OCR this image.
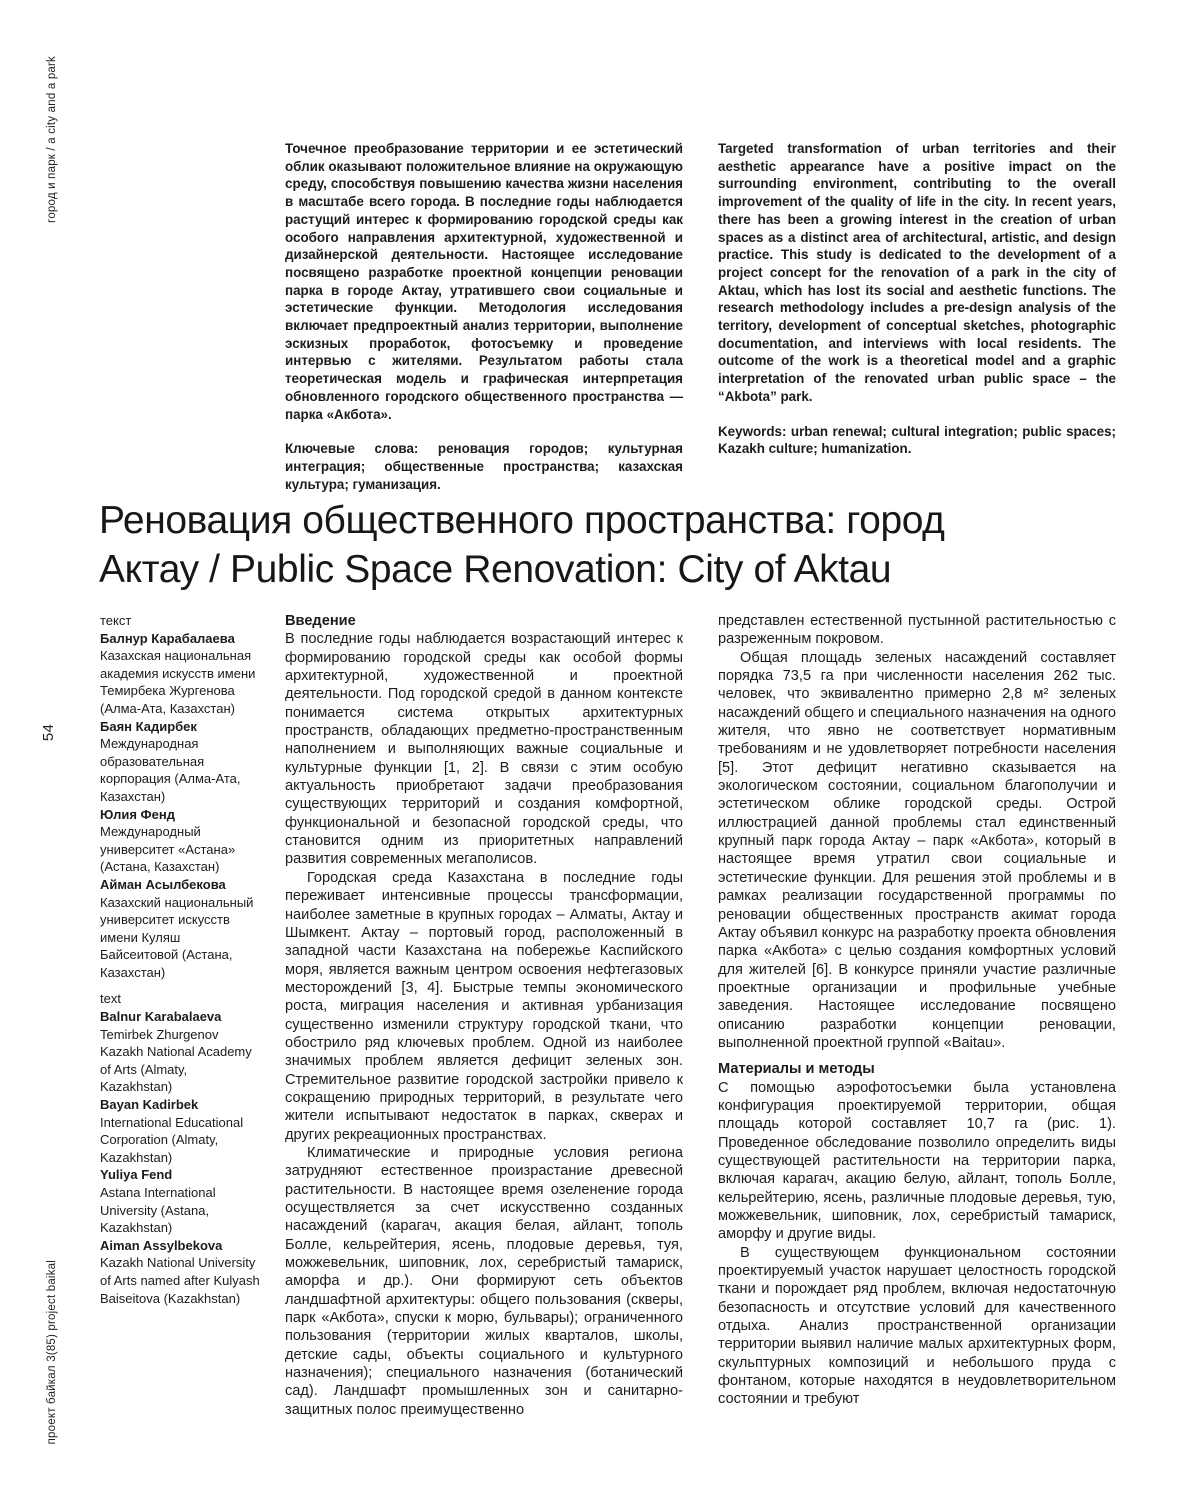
город и парк / a city and a park
54
проект байкал 3(85) project baikal

Точечное преобразование территории и ее эстетический облик оказывают положительное влияние на окружающую среду, способствуя повышению качества жизни населения в масштабе всего города. В последние годы наблюдается растущий интерес к формированию городской среды как особого направления архитектурной, художественной и дизайнерской деятельности. Настоящее исследование посвящено разработке проектной концепции реновации парка в городе Актау, утратившего свои социальные и эстетические функции. Методология исследования включает предпроектный анализ территории, выполнение эскизных проработок, фотосъемку и проведение интервью с жителями. Результатом работы стала теоретическая модель и графическая интерпретация обновленного городского общественного пространства — парка «Акбота».

Ключевые слова: реновация городов; культурная интеграция; общественные пространства; казахская культура; гуманизация.

Targeted transformation of urban territories and their aesthetic appearance have a positive impact on the surrounding environment, contributing to the overall improvement of the quality of life in the city. In recent years, there has been a growing interest in the creation of urban spaces as a distinct area of architectural, artistic, and design practice. This study is dedicated to the development of a project concept for the renovation of a park in the city of Aktau, which has lost its social and aesthetic functions. The research methodology includes a pre-design analysis of the territory, development of conceptual sketches, photographic documentation, and interviews with local residents. The outcome of the work is a theoretical model and a graphic interpretation of the renovated urban public space – the “Akbota” park.

Keywords: urban renewal; cultural integration; public spaces; Kazakh culture; humanization.

Реновация общественного пространства: город
Актау / Public Space Renovation: City of Aktau
текст
Балнур Карабалаева
Казахская национальная академия искусств имени Темирбека Жургенова (Алма-Ата, Казахстан)
Баян Кадирбек
Международная образовательная корпорация (Алма-Ата, Казахстан)
Юлия Фенд
Международный университет «Астана» (Астана, Казахстан)
Айман Асылбекова
Казахский национальный университет искусств имени Куляш Байсеитовой (Астана, Казахстан)
text
Balnur Karabalaeva
Temirbek Zhurgenov Kazakh National Academy of Arts (Almaty, Kazakhstan)
Bayan Kadirbek
International Educational Corporation (Almaty, Kazakhstan)
Yuliya Fend
Astana International University (Astana, Kazakhstan)
Aiman Assylbekova
Kazakh National University of Arts named after Kulyash Baiseitova (Kazakhstan)

Введение

В последние годы наблюдается возрастающий интерес к формированию городской среды как особой формы архитектурной, художественной и проектной деятельности. Под городской средой в данном контексте понимается система открытых архитектурных пространств, обладающих предметно-пространственным наполнением и выполняющих важные социальные и культурные функции [1, 2]. В связи с этим особую актуальность приобретают задачи преобразования существующих территорий и создания комфортной, функциональной и безопасной городской среды, что становится одним из приоритетных направлений развития современных мегаполисов.

Городская среда Казахстана в последние годы переживает интенсивные процессы трансформации, наиболее заметные в крупных городах – Алматы, Актау и Шымкент. Актау – портовый город, расположенный в западной части Казахстана на побережье Каспийского моря, является важным центром освоения нефтегазовых месторождений [3, 4]. Быстрые темпы экономического роста, миграция населения и активная урбанизация существенно изменили структуру городской ткани, что обострило ряд ключевых проблем. Одной из наиболее значимых проблем является дефицит зеленых зон. Стремительное развитие городской застройки привело к сокращению природных территорий, в результате чего жители испытывают недостаток в парках, скверах и других рекреационных пространствах.

Климатические и природные условия региона затрудняют естественное произрастание древесной растительности. В настоящее время озеленение города осуществляется за счет искусственно созданных насаждений (карагач, акация белая, айлант, тополь Болле, кельрейтерия, ясень, плодовые деревья, туя, можжевельник, шиповник, лох, серебристый тамариск, аморфа и др.). Они формируют сеть объектов ландшафтной архитектуры: общего пользования (скверы, парк «Акбота», спуски к морю, бульвары); ограниченного пользования (территории жилых кварталов, школы, детские сады, объекты социального и культурного назначения); специального назначения (ботанический сад). Ландшафт промышленных зон и санитарно-защитных полос преимущественно

представлен естественной пустынной растительностью с разреженным покровом.

Общая площадь зеленых насаждений составляет порядка 73,5 га при численности населения 262 тыс. человек, что эквивалентно примерно 2,8 м² зеленых насаждений общего и специального назначения на одного жителя, что явно не соответствует нормативным требованиям и не удовлетворяет потребности населения [5]. Этот дефицит негативно сказывается на экологическом состоянии, социальном благополучии и эстетическом облике городской среды. Острой иллюстрацией данной проблемы стал единственный крупный парк города Актау – парк «Акбота», который в настоящее время утратил свои социальные и эстетические функции. Для решения этой проблемы и в рамках реализации государственной программы по реновации общественных пространств акимат города Актау объявил конкурс на разработку проекта обновления парка «Акбота» с целью создания комфортных условий для жителей [6]. В конкурсе приняли участие различные проектные организации и профильные учебные заведения. Настоящее исследование посвящено описанию разработки концепции реновации, выполненной проектной группой «Baitau».

Материалы и методы

С помощью аэрофотосъемки была установлена конфигурация проектируемой территории, общая площадь которой составляет 10,7 га (рис. 1). Проведенное обследование позволило определить виды существующей растительности на территории парка, включая карагач, акацию белую, айлант, тополь Болле, кельрейтерию, ясень, различные плодовые деревья, тую, можжевельник, шиповник, лох, серебристый тамариск, аморфу и другие виды.

В существующем функциональном состоянии проектируемый участок нарушает целостность городской ткани и порождает ряд проблем, включая недостаточную безопасность и отсутствие условий для качественного отдыха. Анализ пространственной организации территории выявил наличие малых архитектурных форм, скульптурных композиций и небольшого пруда с фонтаном, которые находятся в неудовлетворительном состоянии и требуют
